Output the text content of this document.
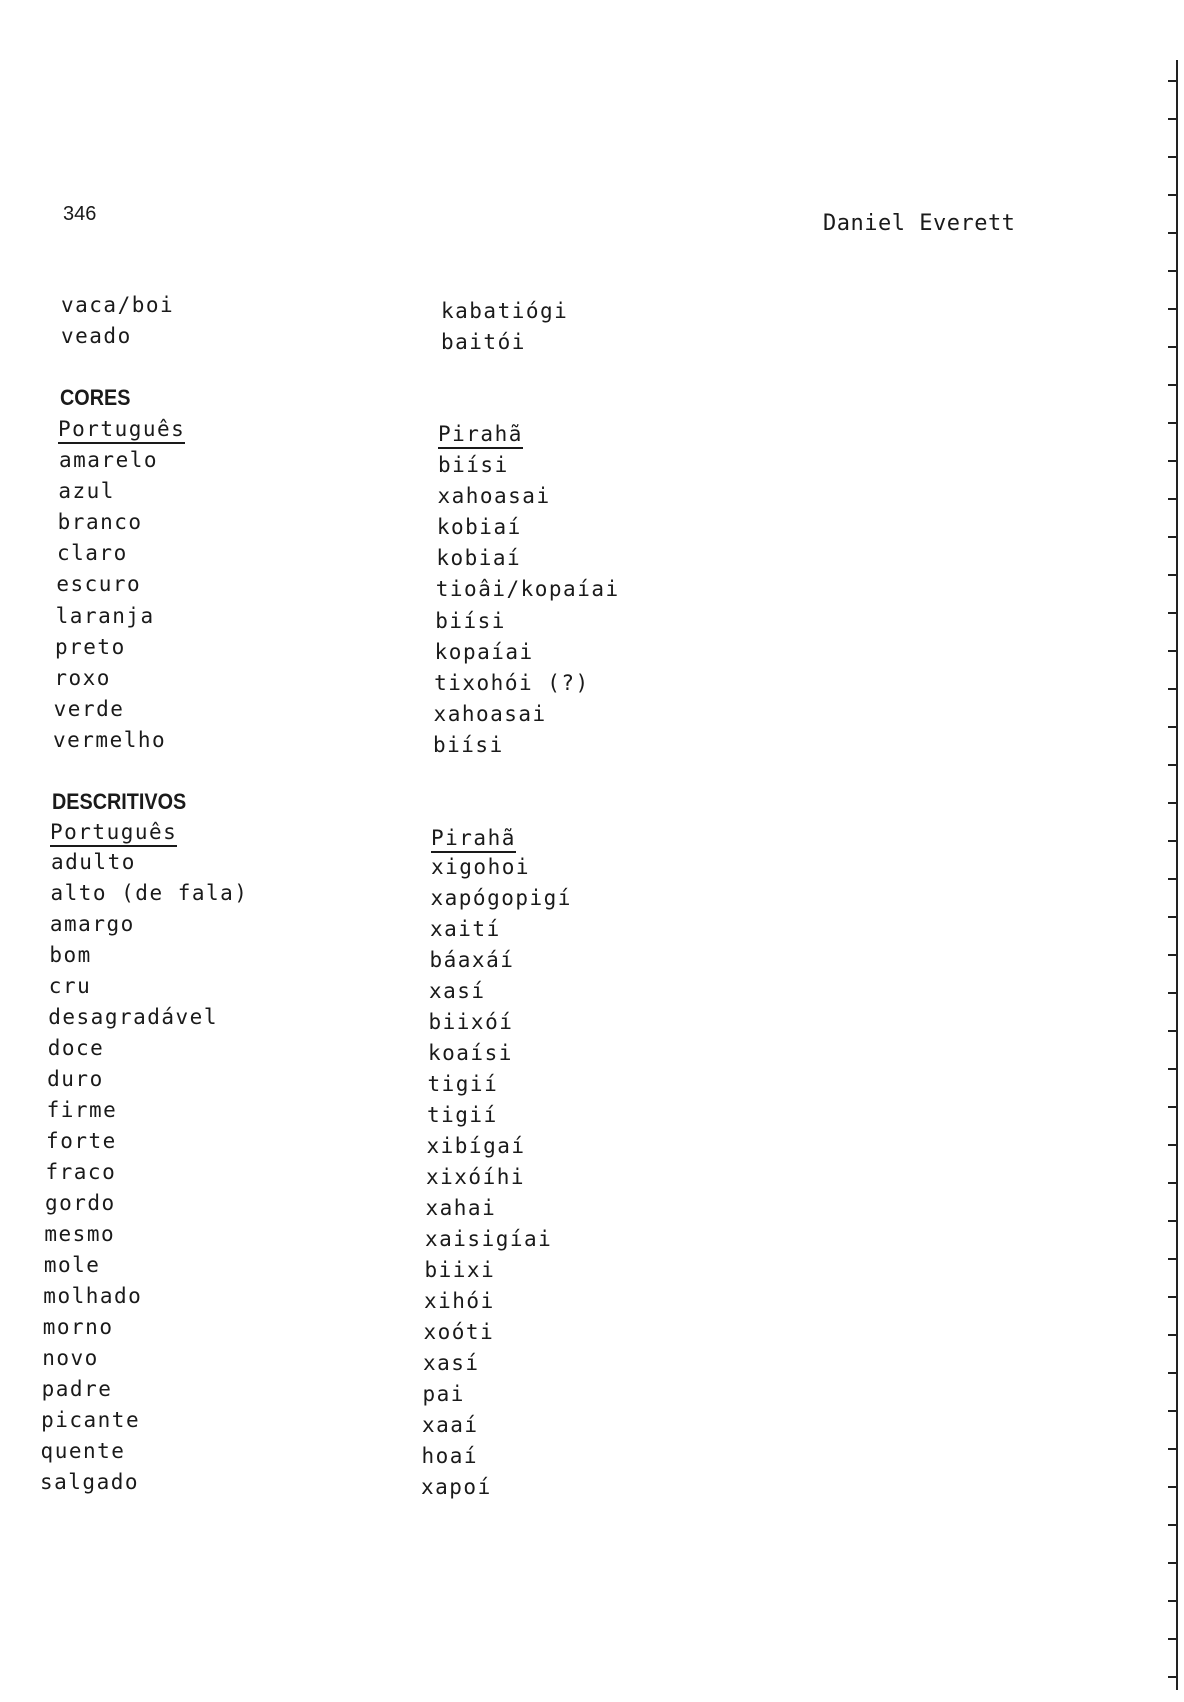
346	Daniel Everett
vaca/boi	kabatiógi
veado	baitói
CORES
Português	Pirahã
amarelo	biísi
azul	xahoasai
branco	kobiaí
claro	kobiaí
escuro	tioâi/kopaíai
laranja	biísi
preto	kopaíai
roxo	tixohói (?)
verde	xahoasai
vermelho	biísi
DESCRITIVOS
Português	Pirahã
adulto	xigohoi
alto (de fala)	xapógopigí
amargo	xaití
bom	báaxáí
cru	xasí
desagradável	biixóí
doce	koaísi
duro	tigií
firme	tigií
forte	xibígaí
fraco	xixóíhi
gordo	xahai
mesmo	xaisigíai
mole	biixi
molhado	xihói
morno	xoóti
novo	xasí
padre	pai
picante	xaaí
quente	hoaí
salgado	xapoí
